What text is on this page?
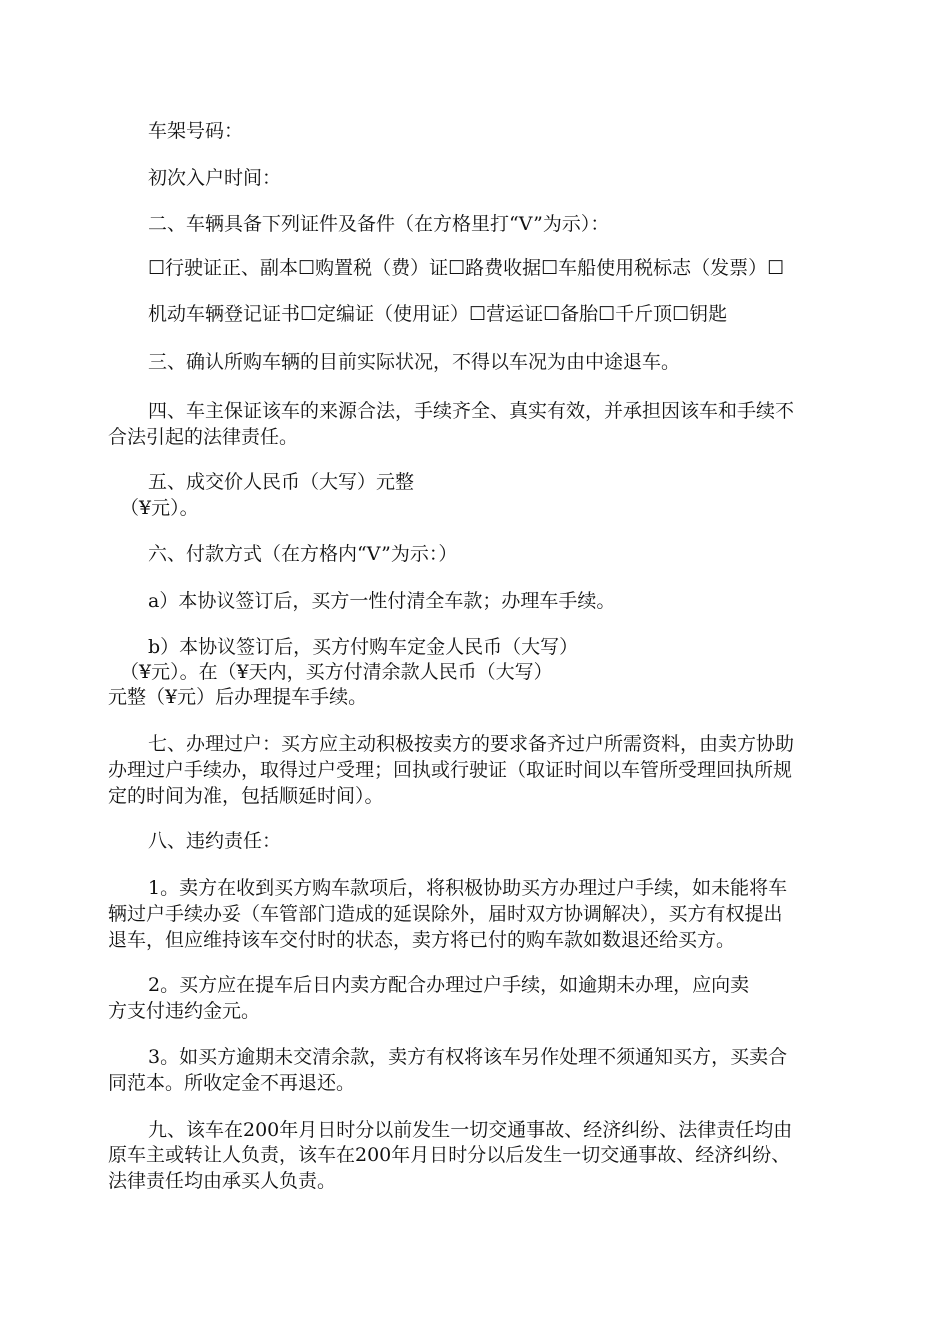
车架号码：
初次入户时间：
二、车辆具备下列证件及备件（在方格里打“V”为示）：
☐行驶证正、副本☐购置税（费）证☐路费收据☐车船使用税标志（发票）☐
机动车辆登记证书☐定编证（使用证）☐营运证☐备胎☐千斤顶☐钥匙
三、确认所购车辆的目前实际状况，不得以车况为由中途退车。
四、车主保证该车的来源合法，手续齐全、真实有效，并承担因该车和手续不
合法引起的法律责任。
五、成交价人民币（大写）元整
（¥元）。
六、付款方式（在方格内“V”为示：）
a）本协议签订后，买方一性付清全车款；办理车手续。
b）本协议签订后，买方付购车定金人民币（大写）
（¥元）。在（¥天内，买方付清余款人民币（大写）
元整（¥元）后办理提车手续。
七、办理过户：买方应主动积极按卖方的要求备齐过户所需资料，由卖方协助
办理过户手续办，取得过户受理；回执或行驶证（取证时间以车管所受理回执所规
定的时间为准，包括顺延时间）。
八、违约责任：
1。卖方在收到买方购车款项后，将积极协助买方办理过户手续，如未能将车
辆过户手续办妥（车管部门造成的延误除外，届时双方协调解决），买方有权提出
退车，但应维持该车交付时的状态，卖方将已付的购车款如数退还给买方。
2。买方应在提车后日内卖方配合办理过户手续，如逾期未办理，应向卖
方支付违约金元。
3。如买方逾期未交清余款，卖方有权将该车另作处理不须通知买方，买卖合
同范本。所收定金不再退还。
九、该车在200年月日时分以前发生一切交通事故、经济纠纷、法律责任均由
原车主或转让人负责，该车在200年月日时分以后发生一切交通事故、经济纠纷、
法律责任均由承买人负责。
